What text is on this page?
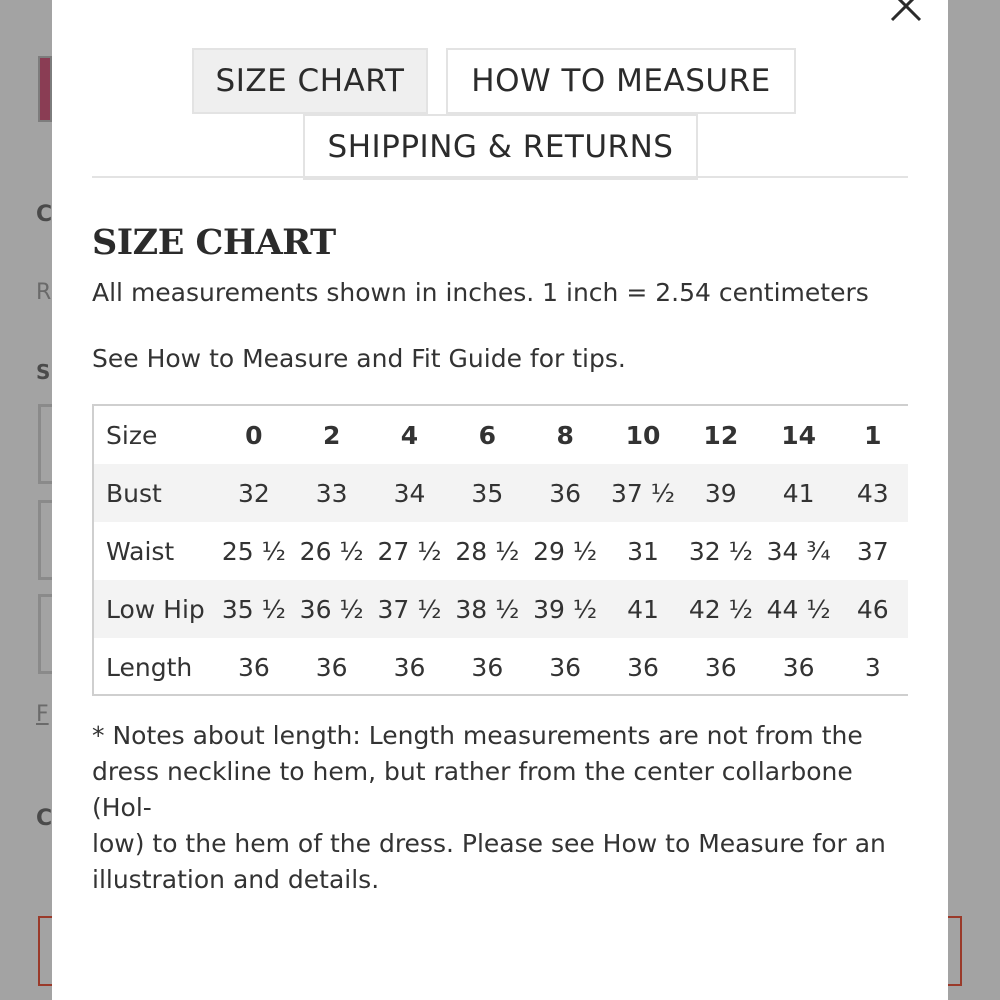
C
R
S
F
C
SIZE CHART	HOW TO MEASURE
SHIPPING & RETURNS
SIZE CHART
All measurements shown in inches. 1 inch = 2.54 centimeters
See How to Measure and Fit Guide for tips.
Size	0	2	4	6	8	10	12	14	1
Bust	32	33	34	35	36	37 ½	39	41	43
Waist	25 ½	26 ½	27 ½	28 ½	29 ½	31	32 ½	34 ¾	37
Low Hip	35 ½	36 ½	37 ½	38 ½	39 ½	41	42 ½	44 ½	46
Length	36	36	36	36	36	36	36	36	3
* Notes about length: Length measurements are not from the
dress neckline to hem, but rather from the center collarbone (Hol-
low) to the hem of the dress. Please see How to Measure for an
illustration and details.
